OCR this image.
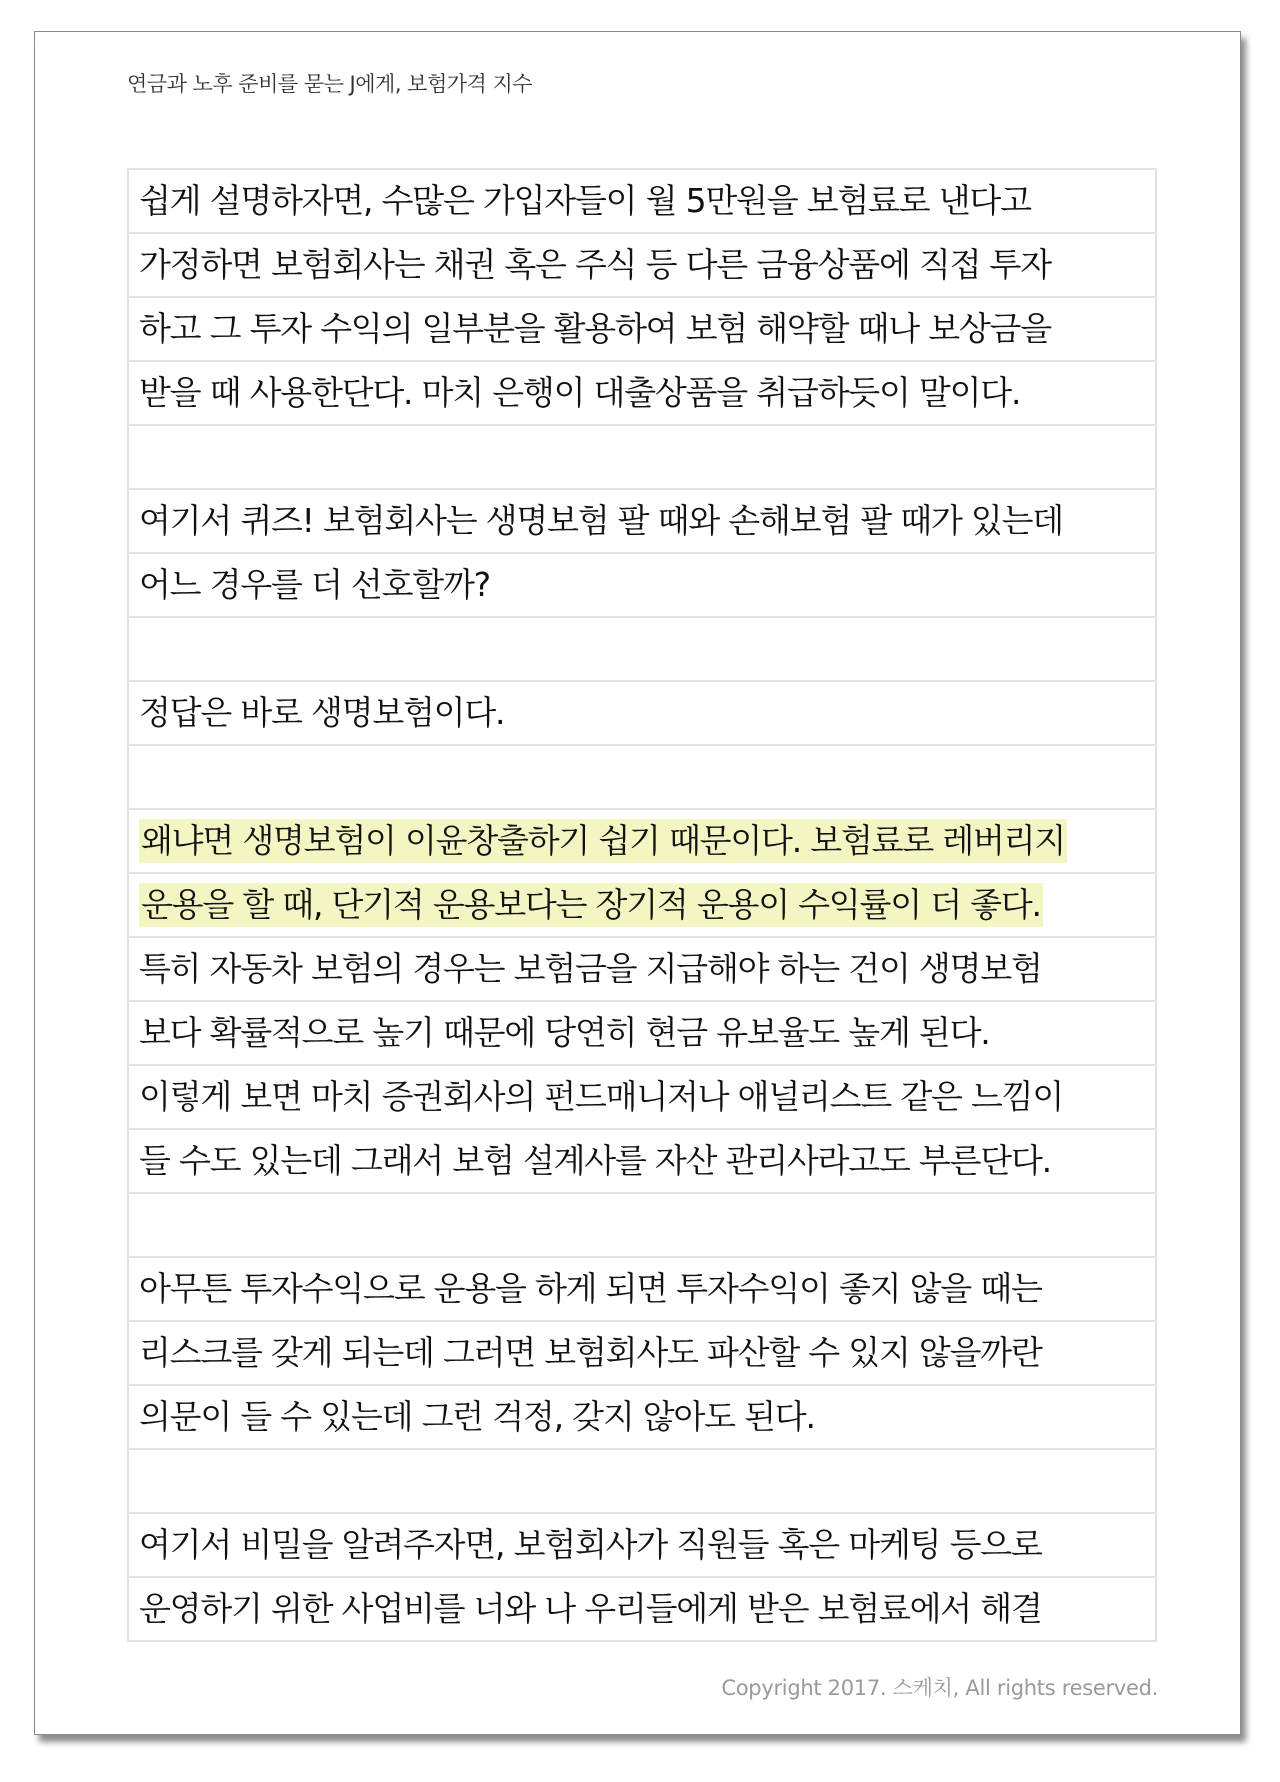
연금과 노후 준비를 묻는 J에게, 보험가격 지수
쉽게 설명하자면, 수많은 가입자들이 월 5만원을 보험료로 낸다고
가정하면 보험회사는 채권 혹은 주식 등 다른 금융상품에 직접 투자
하고 그 투자 수익의 일부분을 활용하여 보험 해약할 때나 보상금을
받을 때 사용한단다. 마치 은행이 대출상품을 취급하듯이 말이다.
여기서 퀴즈! 보험회사는 생명보험 팔 때와 손해보험 팔 때가 있는데
어느 경우를 더 선호할까?
정답은 바로 생명보험이다.
왜냐면 생명보험이 이윤창출하기 쉽기 때문이다. 보험료로 레버리지
운용을 할 때, 단기적 운용보다는 장기적 운용이 수익률이 더 좋다.
특히 자동차 보험의 경우는 보험금을 지급해야 하는 건이 생명보험
보다 확률적으로 높기 때문에 당연히 현금 유보율도 높게 된다.
이렇게 보면 마치 증권회사의 펀드매니저나 애널리스트 같은 느낌이
들 수도 있는데 그래서 보험 설계사를 자산 관리사라고도 부른단다.
아무튼 투자수익으로 운용을 하게 되면 투자수익이 좋지 않을 때는
리스크를 갖게 되는데 그러면 보험회사도 파산할 수 있지 않을까란
의문이 들 수 있는데 그런 걱정, 갖지 않아도 된다.
여기서 비밀을 알려주자면, 보험회사가 직원들 혹은 마케팅 등으로
운영하기 위한 사업비를 너와 나 우리들에게 받은 보험료에서 해결
Copyright 2017. 스케치, All rights reserved.
